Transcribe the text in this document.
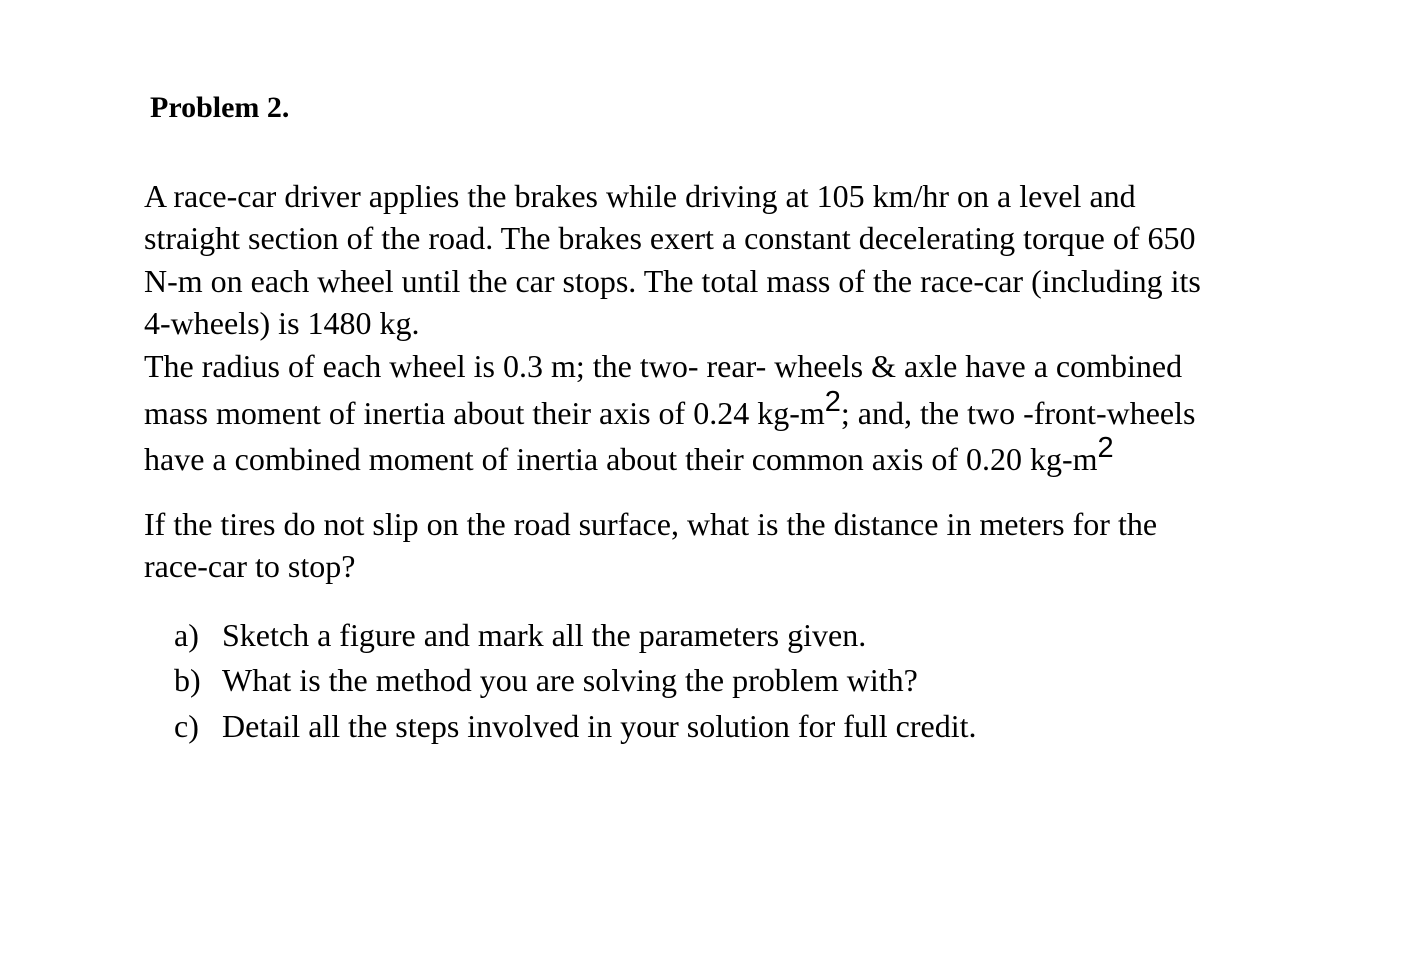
Problem 2.
A race-car driver applies the brakes while driving at 105 km/hr on a level and
straight section of the road. The brakes exert a constant decelerating torque of 650
N-m on each wheel until the car stops. The total mass of the race-car (including its
4-wheels) is 1480 kg.
The radius of each wheel is 0.3 m; the two- rear- wheels & axle have a combined
mass moment of inertia about their axis of 0.24 kg-m2; and, the two -front-wheels
have a combined moment of inertia about their common axis of 0.20 kg-m2
If the tires do not slip on the road surface, what is the distance in meters for the
race-car to stop?
a) Sketch a figure and mark all the parameters given.
b) What is the method you are solving the problem with?
c) Detail all the steps involved in your solution for full credit.
